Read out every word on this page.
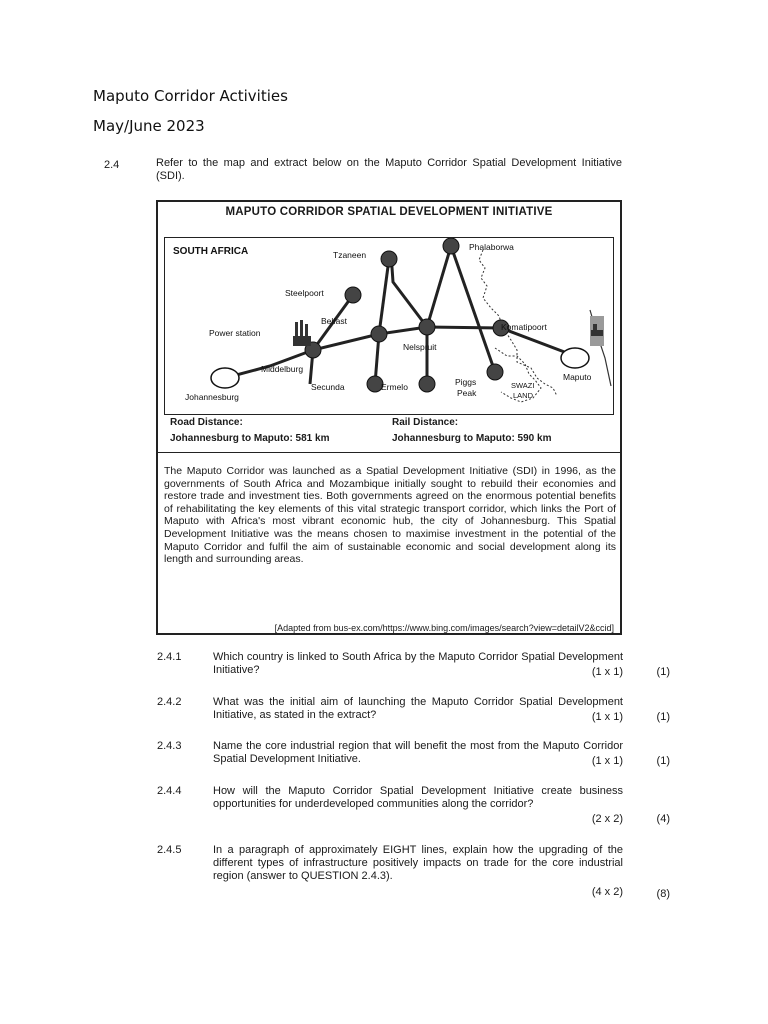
Maputo Corridor Activities
May/June 2023
2.4	Refer to the map and extract below on the Maputo Corridor Spatial Development Initiative (SDI).
MAPUTO CORRIDOR SPATIAL DEVELOPMENT INITIATIVE
SOUTH AFRICA	Tzaneen
Phalaborwa
Steelpoort
Belfast
Power station
Komatipoort
Nelspruit
Middelburg
Secunda	Ermelo	Piggs
Peak
SWAZI
LAND
Maputo
Johannesburg
Road Distance:
Johannesburg to Maputo: 581 km
Rail Distance:
Johannesburg to Maputo: 590 km
The Maputo Corridor was launched as a Spatial Development Initiative (SDI) in 1996, as the governments of South Africa and Mozambique initially sought to rebuild their economies and restore trade and investment ties. Both governments agreed on the enormous potential benefits of rehabilitating the key elements of this vital strategic transport corridor, which links the Port of Maputo with Africa's most vibrant economic hub, the city of Johannesburg. This Spatial Development Initiative was the means chosen to maximise investment in the potential of the Maputo Corridor and fulfil the aim of sustainable economic and social development along its length and surrounding areas.
[Adapted from bus-ex.com/https://www.bing.com/images/search?view=detailV2&ccid]
2.4.1	Which country is linked to South Africa by the Maputo Corridor Spatial Development Initiative?	(1 x 1)	(1)
2.4.2	What was the initial aim of launching the Maputo Corridor Spatial Development Initiative, as stated in the extract?	(1 x 1)	(1)
2.4.3	Name the core industrial region that will benefit the most from the Maputo Corridor Spatial Development Initiative.	(1 x 1)	(1)
2.4.4	How will the Maputo Corridor Spatial Development Initiative create business opportunities for underdeveloped communities along the corridor?
(2 x 2)	(4)
2.4.5	In a paragraph of approximately EIGHT lines, explain how the upgrading of the different types of infrastructure positively impacts on trade for the core industrial region (answer to QUESTION 2.4.3).
(4 x 2)	(8)
